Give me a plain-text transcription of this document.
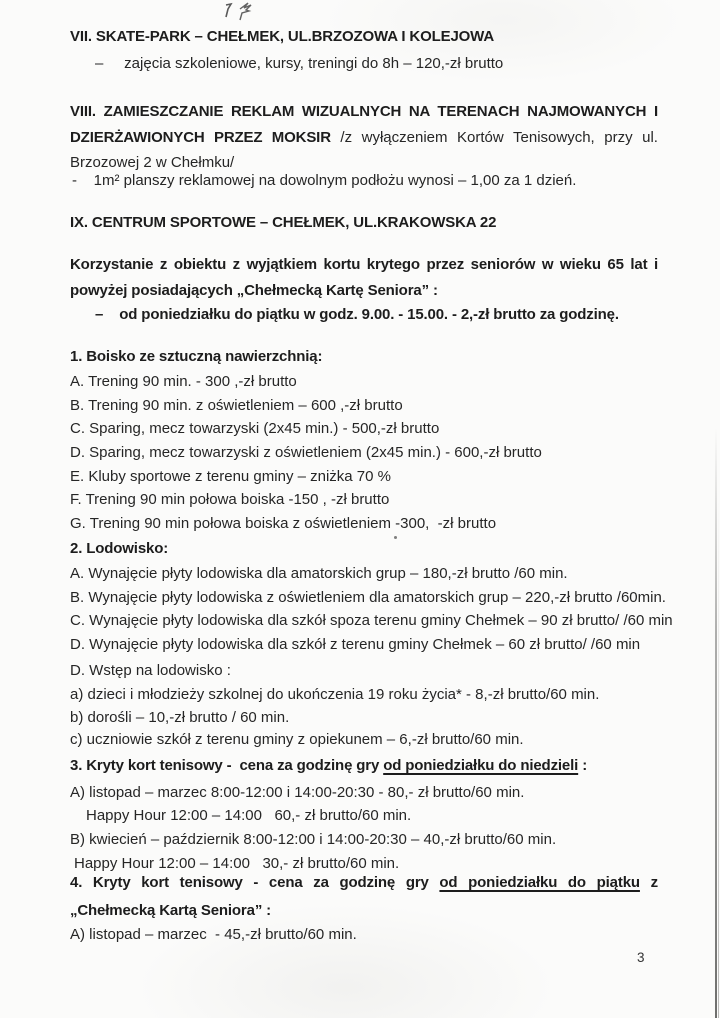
VII. SKATE-PARK – CHEŁMEK, UL.BRZOZOWA I KOLEJOWA
–     zajęcia szkoleniowe, kursy, treningi do 8h – 120,-zł brutto
VIII. ZAMIESZCZANIE REKLAM WIZUALNYCH NA TERENACH NAJMOWANYCH I DZIERŻAWIONYCH PRZEZ MOKSIR /z wyłączeniem Kortów Tenisowych, przy ul. Brzozowej 2 w Chełmku/
-    1m² planszy reklamowej na dowolnym podłożu wynosi – 1,00 za 1 dzień.
IX. CENTRUM SPORTOWE – CHEŁMEK, UL.KRAKOWSKA 22
Korzystanie z obiektu z wyjątkiem kortu krytego przez seniorów w wieku 65 lat i powyżej posiadających „Chełmecką Kartę Seniora” :
–    od poniedziałku do piątku w godz. 9.00. - 15.00. - 2,-zł brutto za godzinę.
1. Boisko ze sztuczną nawierzchnią:
A. Trening 90 min. - 300 ,-zł brutto
B. Trening 90 min. z oświetleniem – 600 ,-zł brutto
C. Sparing, mecz towarzyski (2x45 min.) - 500,-zł brutto
D. Sparing, mecz towarzyski z oświetleniem (2x45 min.) - 600,-zł brutto
E. Kluby sportowe z terenu gminy – zniżka 70 %
F. Trening 90 min połowa boiska -150 , -zł brutto
G. Trening 90 min połowa boiska z oświetleniem -300,  -zł brutto
2. Lodowisko:
A. Wynajęcie płyty lodowiska dla amatorskich grup – 180,-zł brutto /60 min.
B. Wynajęcie płyty lodowiska z oświetleniem dla amatorskich grup – 220,-zł brutto /60min.
C. Wynajęcie płyty lodowiska dla szkół spoza terenu gminy Chełmek – 90 zł brutto/ /60 min
D. Wynajęcie płyty lodowiska dla szkół z terenu gminy Chełmek – 60 zł brutto/ /60 min
D. Wstęp na lodowisko :
a) dzieci i młodzieży szkolnej do ukończenia 19 roku życia* - 8,-zł brutto/60 min.
b) dorośli – 10,-zł brutto / 60 min.
c) uczniowie szkół z terenu gminy z opiekunem – 6,-zł brutto/60 min.
3. Kryty kort tenisowy -  cena za godzinę gry od poniedziałku do niedzieli :
A) listopad – marzec 8:00-12:00 i 14:00-20:30 - 80,- zł brutto/60 min.
Happy Hour 12:00 – 14:00   60,- zł brutto/60 min.
B) kwiecień – październik 8:00-12:00 i 14:00-20:30 – 40,-zł brutto/60 min.
Happy Hour 12:00 – 14:00   30,- zł brutto/60 min.
4. Kryty kort tenisowy - cena za godzinę gry od poniedziałku do piątku z „Chełmecką Kartą Seniora” :
A) listopad – marzec  - 45,-zł brutto/60 min.
3
